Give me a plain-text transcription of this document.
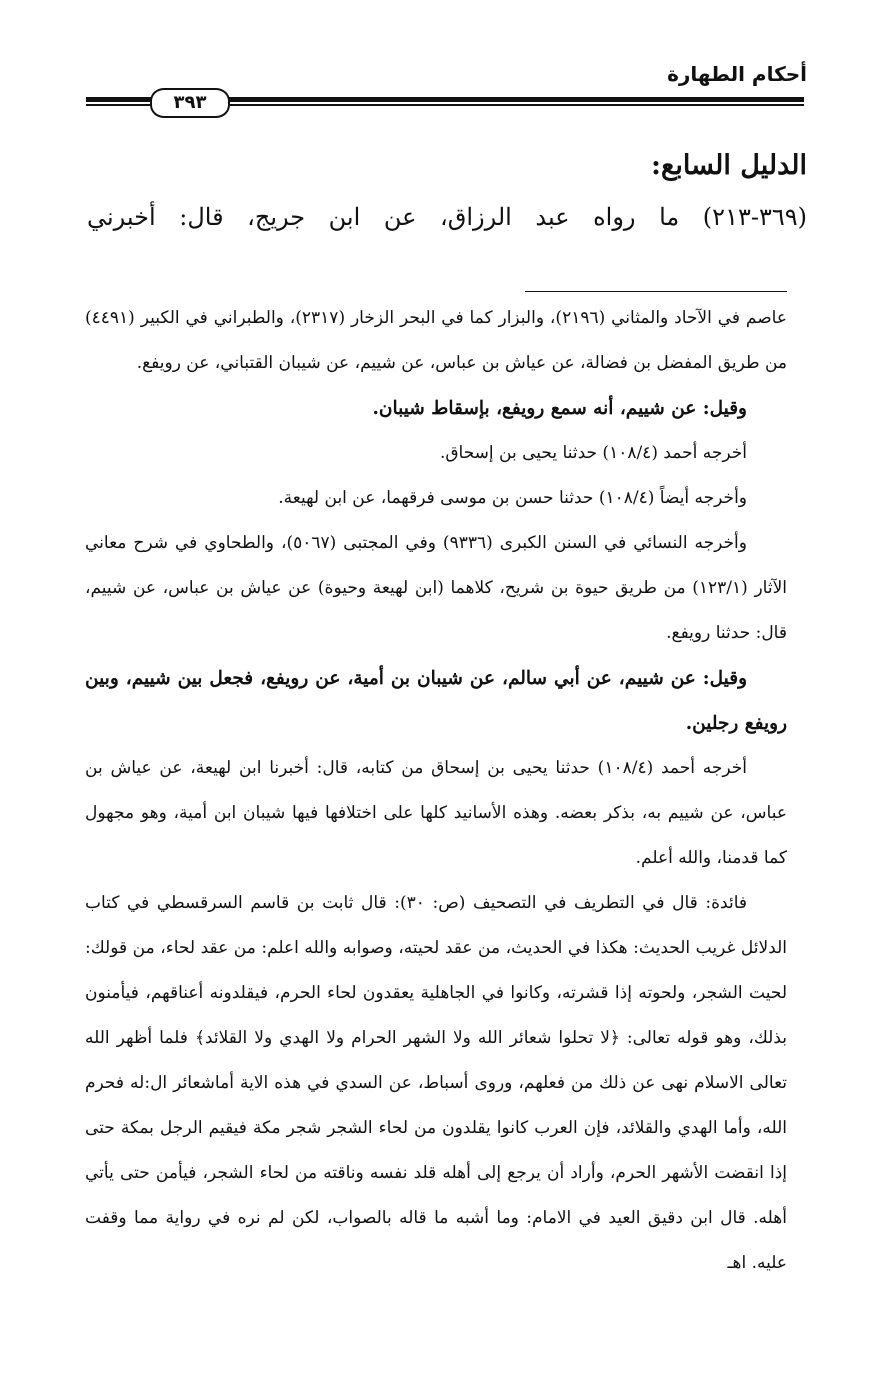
أحكام الطهارة
٣٩٣
الدليل السابع:
(٣٦٩-٢١٣) ما رواه عبد الرزاق، عن ابن جريج، قال: أخبرني

عاصم في الآحاد والمثاني (٢١٩٦)، والبزار كما في البحر الزخار (٢٣١٧)، والطبراني في الكبير (٤٤٩١) من طريق المفضل بن فضالة، عن عياش بن عباس، عن شييم، عن شيبان القتباني، عن رويفع.

وقيل: عن شييم، أنه سمع رويفع، بإسقاط شيبان.

أخرجه أحمد (١٠٨/٤) حدثنا يحيى بن إسحاق.

وأخرجه أيضاً (١٠٨/٤) حدثنا حسن بن موسى فرقهما، عن ابن لهيعة.

وأخرجه النسائي في السنن الكبرى (٩٣٣٦) وفي المجتبى (٥٠٦٧)، والطحاوي في شرح معاني الآثار (١٢٣/١) من طريق حيوة بن شريح، كلاهما (ابن لهيعة وحيوة) عن عياش بن عباس، عن شييم، قال: حدثنا رويفع.

وقيل: عن شييم، عن أبي سالم، عن شيبان بن أمية، عن رويفع، فجعل بين شييم، وبين رويفع رجلين.

أخرجه أحمد (١٠٨/٤) حدثنا يحيى بن إسحاق من كتابه، قال: أخبرنا ابن لهيعة، عن عياش بن عباس، عن شييم به، بذكر بعضه. وهذه الأسانيد كلها على اختلافها فيها شيبان ابن أمية، وهو مجهول كما قدمنا، والله أعلم.

فائدة: قال في التطريف في التصحيف (ص: ٣٠): قال ثابت بن قاسم السرقسطي في كتاب الدلائل غريب الحديث: هكذا في الحديث، من عقد لحيته، وصوابه والله اعلم: من عقد لحاء، من قولك: لحيت الشجر، ولحوته إذا قشرته، وكانوا في الجاهلية يعقدون لحاء الحرم، فيقلدونه أعناقهم، فيأمنون بذلك، وهو قوله تعالى: ﴿لا تحلوا شعائر الله ولا الشهر الحرام ولا الهدي ولا القلائد﴾ فلما أظهر الله تعالى الاسلام نهى عن ذلك من فعلهم، وروى أسباط، عن السدي في هذه الاية أماشعائر ال:له فحرم الله، وأما الهدي والقلائد، فإن العرب كانوا يقلدون من لحاء الشجر شجر مكة فيقيم الرجل بمكة حتى إذا انقضت الأشهر الحرم، وأراد أن يرجع إلى أهله قلد نفسه وناقته من لحاء الشجر، فيأمن حتى يأتي أهله. قال ابن دقيق العيد في الامام: وما أشبه ما قاله بالصواب، لكن لم نره في رواية مما وقفت عليه. اهـ
